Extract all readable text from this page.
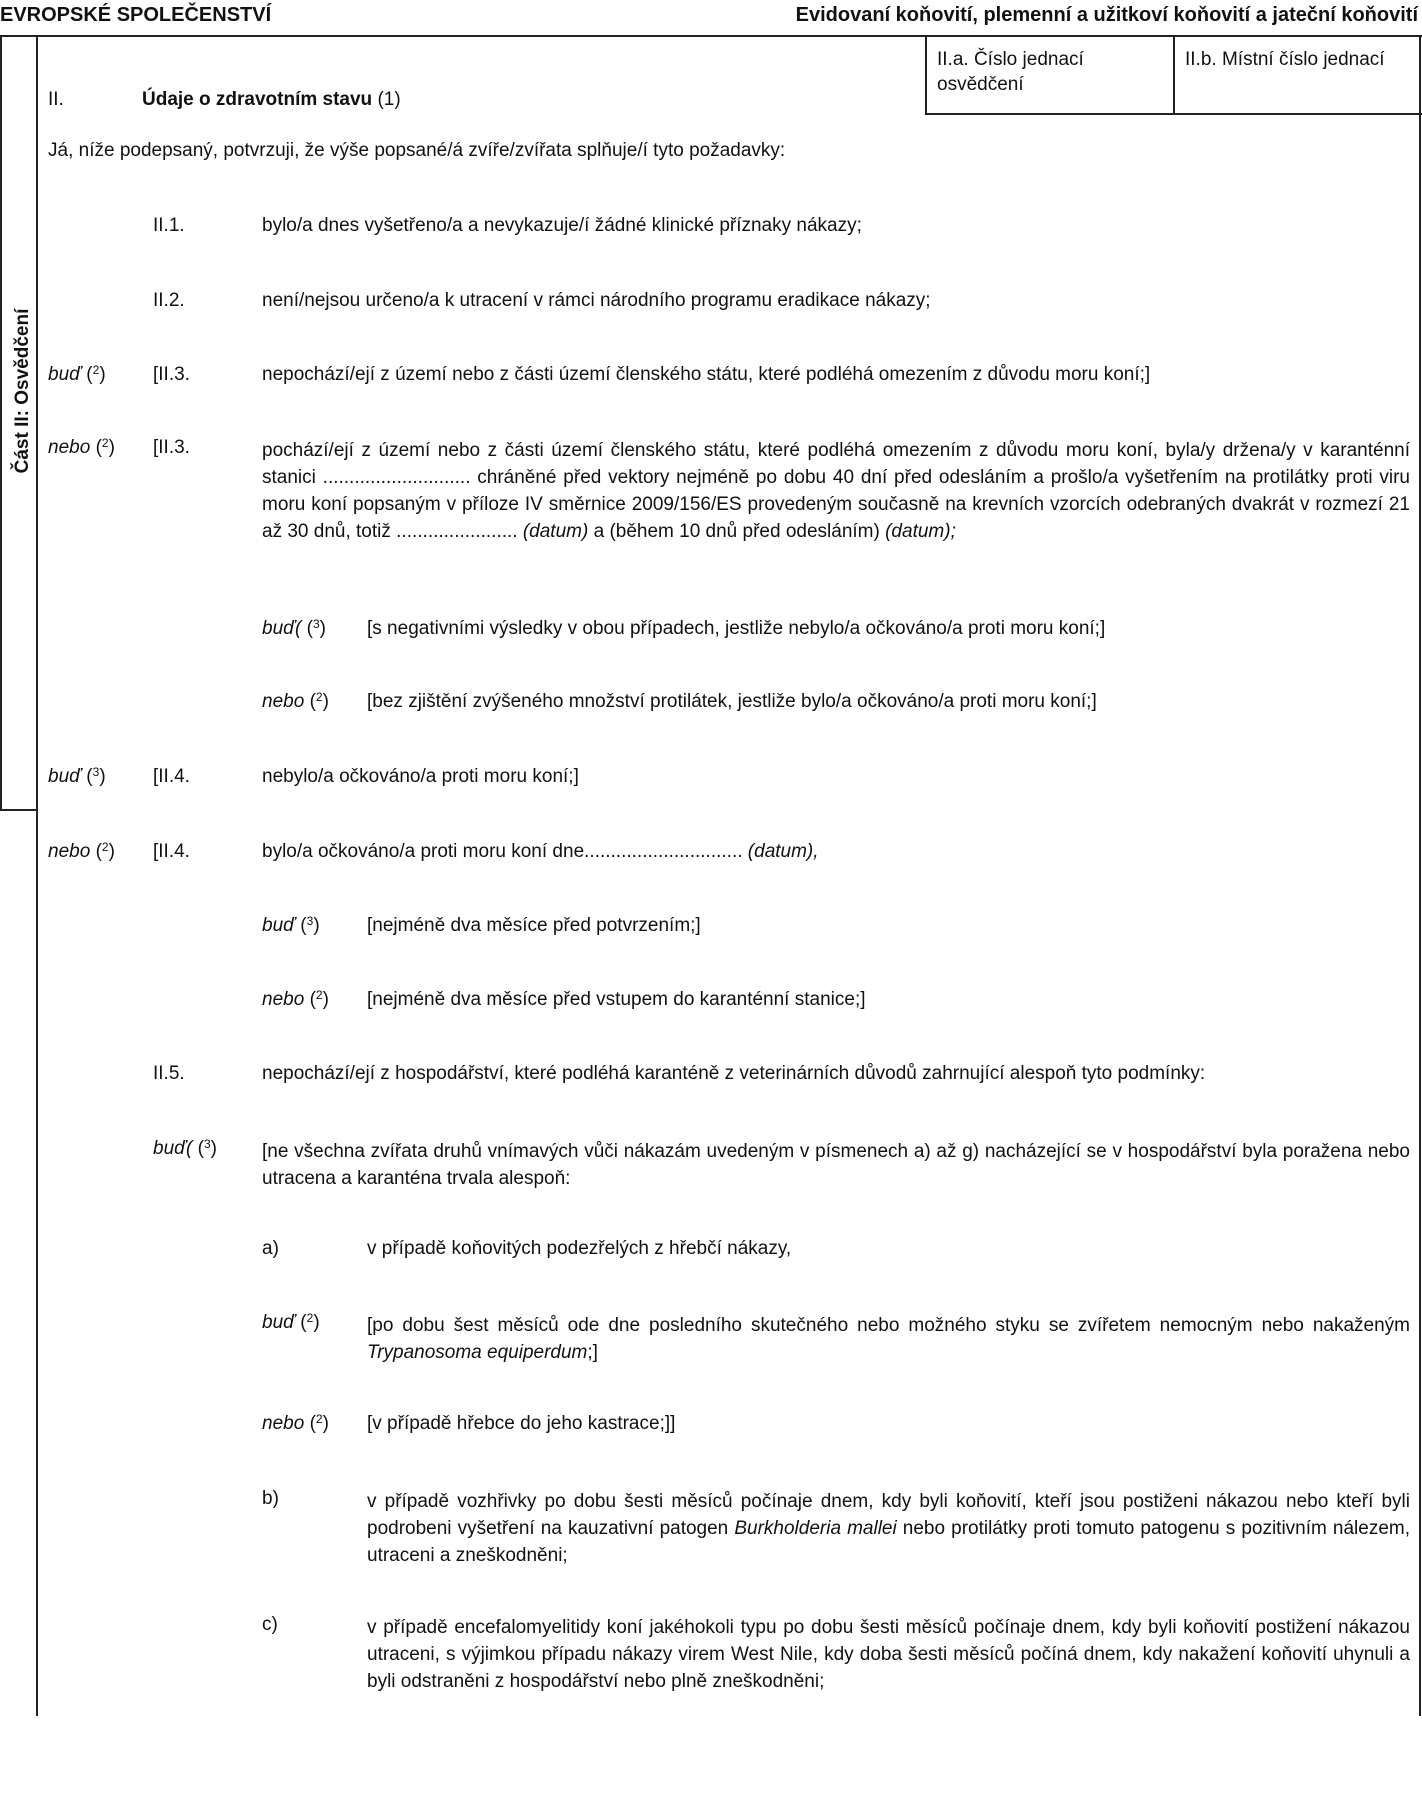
EVROPSKÉ SPOLEČENSTVÍ	Evidovaní koňovití, plemenní a užitkoví koňovití a jateční koňovití
Část II: Osvědčení
II.a. Číslo jednací osvědčení
II.b. Místní číslo jednací
II.	Údaje o zdravotním stavu (1)
Já, níže podepsaný, potvrzuji, že výše popsané/á zvíře/zvířata splňuje/í tyto požadavky:
II.1.	bylo/a dnes vyšetřeno/a a nevykazuje/í žádné klinické příznaky nákazy;
II.2.	není/nejsou určeno/a k utracení v rámci národního programu eradikace nákazy;
buď ($^2$) [II.3.	nepochází/ejí z území nebo z části území členského státu, které podléhá omezením z důvodu moru koní;]
nebo ($^2$) [II.3.	pochází/ejí z území nebo z části území členského státu, které podléhá omezením z důvodu moru koní, byla/y držena/y v karanténní stanici ............................ chráněné před vektory nejméně po dobu 40 dní před odesláním a prošlo/a vyšetřením na protilátky proti viru moru koní popsaným v příloze IV směrnice 2009/156/ES provedeným současně na krevních vzorcích odebraných dvakrát v rozmezí 21 až 30 dnů, totiž ....................... (datum) a (během 10 dnů před odesláním) (datum);
buď( ($^3$) [s negativními výsledky v obou případech, jestliže nebylo/a očkováno/a proti moru koní;]
nebo ($^2$) [bez zjištění zvýšeného množství protilátek, jestliže bylo/a očkováno/a proti moru koní;]
buď ($^3$) [II.4.	nebylo/a očkováno/a proti moru koní;]
nebo ($^2$) [II.4.	bylo/a očkováno/a proti moru koní dne.............................. (datum),
buď ($^3$) [nejméně dva měsíce před potvrzením;]
nebo ($^2$) [nejméně dva měsíce před vstupem do karanténní stanice;]
II.5.	nepochází/ejí z hospodářství, které podléhá karanténě z veterinárních důvodů zahrnující alespoň tyto podmínky:
buď( ($^3$) [ne všechna zvířata druhů vnímavých vůči nákazám uvedeným v písmenech a) až g) nacházející se v hospodářství byla poražena nebo utracena a karanténa trvala alespoň:
a)	v případě koňovitých podezřelých z hřebčí nákazy,
buď ($^2$) [po dobu šest měsíců ode dne posledního skutečného nebo možného styku se zvířetem nemocným nebo nakaženým Trypanosoma equiperdum;]
nebo ($^2$) [v případě hřebce do jeho kastrace;]]
b)	v případě vozhřivky po dobu šesti měsíců počínaje dnem, kdy byli koňovití, kteří jsou postiženi nákazou nebo kteří byli podrobeni vyšetření na kauzativní patogen Burkholderia mallei nebo protilátky proti tomuto patogenu s pozitivním nálezem, utraceni a zneškodněni;
c)	v případě encefalomyelitidy koní jakéhokoli typu po dobu šesti měsíců počínaje dnem, kdy byli koňovití postižení nákazou utraceni, s výjimkou případu nákazy virem West Nile, kdy doba šesti měsíců počíná dnem, kdy nakažení koňovití uhynuli a byli odstraněni z hospodářství nebo plně zneškodněni;
